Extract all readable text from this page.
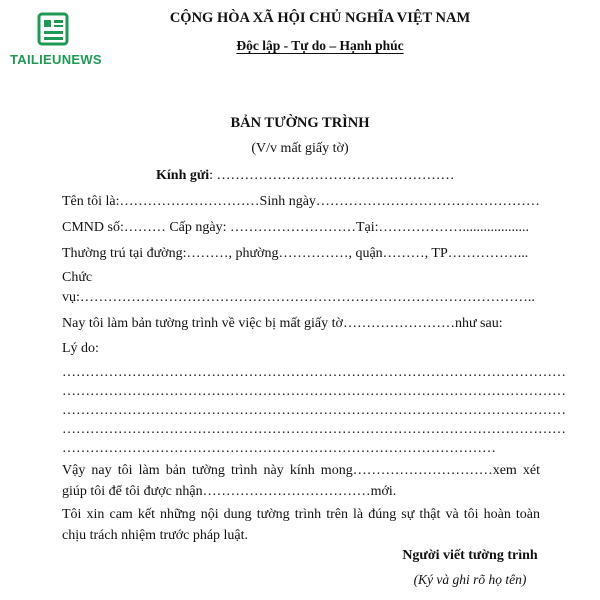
TAILIEUNEWS
CỘNG HÒA XÃ HỘI CHỦ NGHĨA VIỆT NAM
Độc lập - Tự do – Hạnh phúc
BẢN TƯỜNG TRÌNH
(V/v mất giấy tờ)
Kính gửi: ……………………………………………
Tên tôi là:…………………………Sinh ngày…………………………………………
CMND số:……… Cấp ngày: ………………………Tại:………………...................
Thường trú tại đường:………, phường……………, quận………, TP……………...
Chức
vụ:……………………………………………………………………………………..
Nay tôi làm bản tường trình về việc bị mất giấy tờ……………………như sau:
Lý do:
………………………………………………………………………………………………
………………………………………………………………………………………………
………………………………………………………………………………………………
………………………………………………………………………………………………
…………………………………………………………………………………
Vậy nay tôi làm bản tường trình này kính mong…………………………xem xét giúp tôi để tôi được nhận………………………………mới.
Tôi xin cam kết những nội dung tường trình trên là đúng sự thật và tôi hoàn toàn chịu trách nhiệm trước pháp luật.
Người viết tường trình
(Ký và ghi rõ họ tên)
